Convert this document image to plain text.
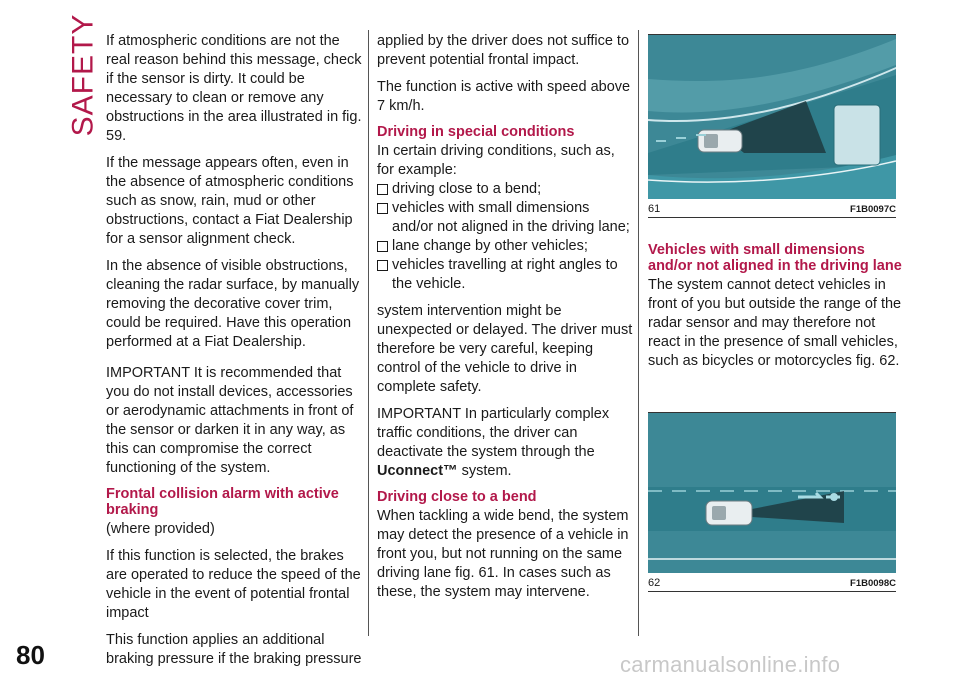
SAFETY
80

If atmospheric conditions are not the real reason behind this message, check if the sensor is dirty. It could be necessary to clean or remove any obstructions in the area illustrated in fig. 59.

If the message appears often, even in the absence of atmospheric conditions such as snow, rain, mud or other obstructions, contact a Fiat Dealership for a sensor alignment check.

In the absence of visible obstructions, cleaning the radar surface, by manually removing the decorative cover trim, could be required. Have this operation performed at a Fiat Dealership.

IMPORTANT It is recommended that you do not install devices, accessories or aerodynamic attachments in front of the sensor or darken it in any way, as this can compromise the correct functioning of the system.

Frontal collision alarm with active braking

(where provided)

If this function is selected, the brakes are operated to reduce the speed of the vehicle in the event of potential frontal impact

This function applies an additional braking pressure if the braking pressure

applied by the driver does not suffice to prevent potential frontal impact.

The function is active with speed above 7 km/h.

Driving in special conditions

In certain driving conditions, such as, for example:

driving close to a bend;
vehicles with small dimensions and/or not aligned in the driving lane;
lane change by other vehicles;
vehicles travelling at right angles to the vehicle.

system intervention might be unexpected or delayed. The driver must therefore be very careful, keeping control of the vehicle to drive in complete safety.

IMPORTANT In particularly complex traffic conditions, the driver can deactivate the system through the Uconnect™ system.

Driving close to a bend

When tackling a wide bend, the system may detect the presence of a vehicle in front you, but not running on the same driving lane fig. 61. In cases such as these, the system may intervene.

61	F1B0097C
Vehicles with small dimensions and/or not aligned in the driving lane

The system cannot detect vehicles in front of you but outside the range of the radar sensor and may therefore not react in the presence of small vehicles, such as bicycles or motorcycles fig. 62.

62	F1B0098C
carmanualsonline.info
